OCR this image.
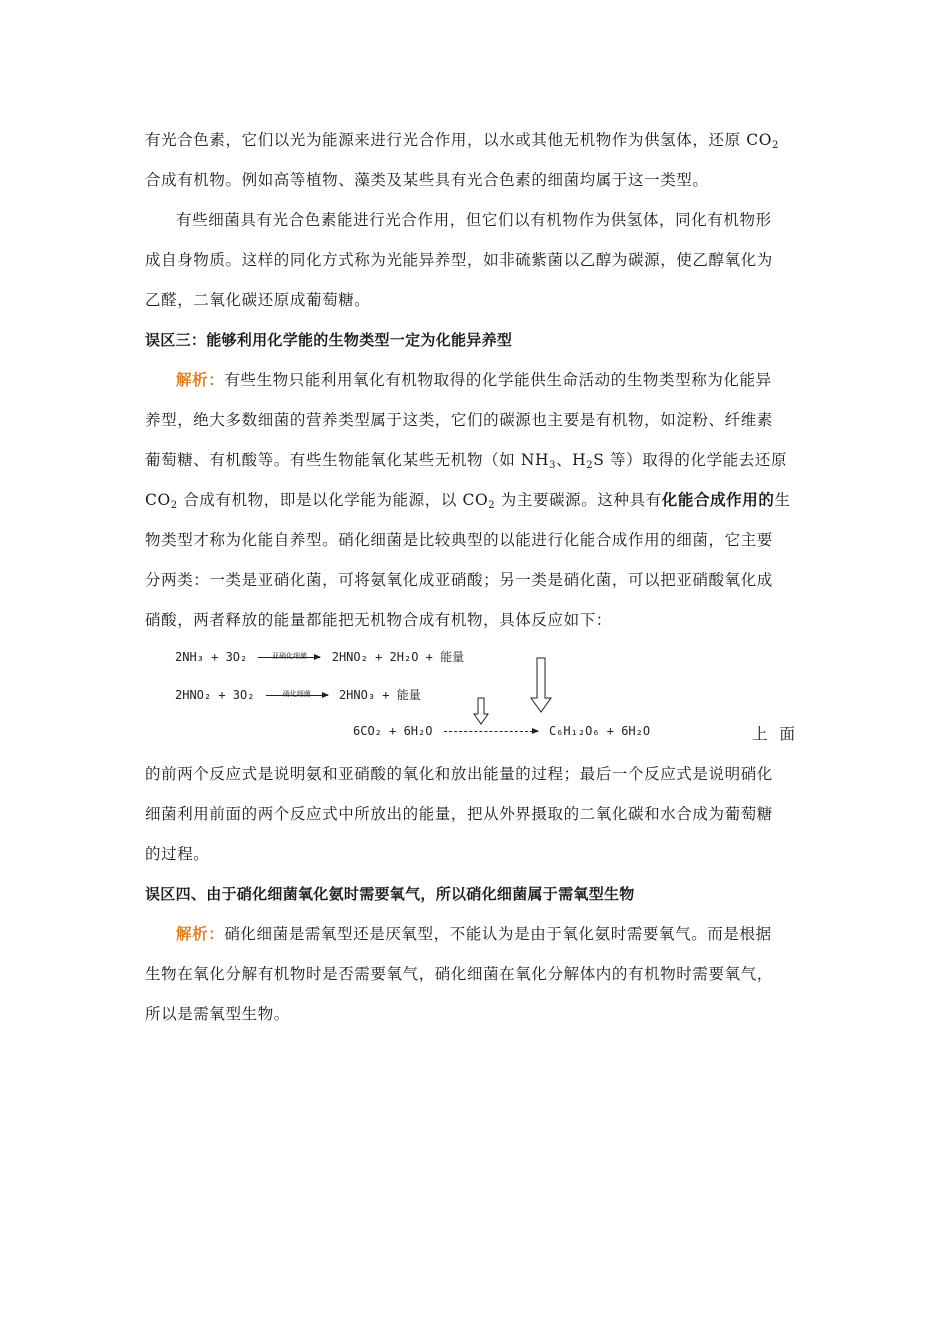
有光合色素，它们以光为能源来进行光合作用，以水或其他无机物作为供氢体，还原 $CO_2$
合成有机物。例如高等植物、藻类及某些具有光合色素的细菌均属于这一类型。
有些细菌具有光合色素能进行光合作用，但它们以有机物作为供氢体，同化有机物形
成自身物质。这样的同化方式称为光能异养型，如非硫紫菌以乙醇为碳源，使乙醇氧化为
乙醛，二氧化碳还原成葡萄糖。
误区三：能够利用化学能的生物类型一定为化能异养型
解析：有些生物只能利用氧化有机物取得的化学能供生命活动的生物类型称为化能异
养型，绝大多数细菌的营养类型属于这类，它们的碳源也主要是有机物，如淀粉、纤维素
葡萄糖、有机酸等。有些生物能氧化某些无机物（如 $NH_3$、$H_2S$ 等）取得的化学能去还原
$CO_2$ 合成有机物，即是以化学能为能源，以 $CO_2$ 为主要碳源。这种具有化能合成作用的生
物类型才称为化能自养型。硝化细菌是比较典型的以能进行化能合成作用的细菌，它主要
分两类：一类是亚硝化菌，可将氨氧化成亚硝酸；另一类是硝化菌，可以把亚硝酸氧化成
硝酸，两者释放的能量都能把无机物合成有机物，具体反应如下：
2NH₃ + 3O₂	亚硝化细菌	2HNO₂ + 2H₂O + 能量
2HNO₂ + 3O₂	硝化细菌	2HNO₃ + 能量
6CO₂ + 6H₂O	C₆H₁₂O₆ + 6H₂O	上面
的前两个反应式是说明氨和亚硝酸的氧化和放出能量的过程；最后一个反应式是说明硝化
细菌利用前面的两个反应式中所放出的能量，把从外界摄取的二氧化碳和水合成为葡萄糖
的过程。
误区四、由于硝化细菌氧化氨时需要氧气，所以硝化细菌属于需氧型生物
解析：硝化细菌是需氧型还是厌氧型，不能认为是由于氧化氨时需要氧气。而是根据
生物在氧化分解有机物时是否需要氧气，硝化细菌在氧化分解体内的有机物时需要氧气，
所以是需氧型生物。
